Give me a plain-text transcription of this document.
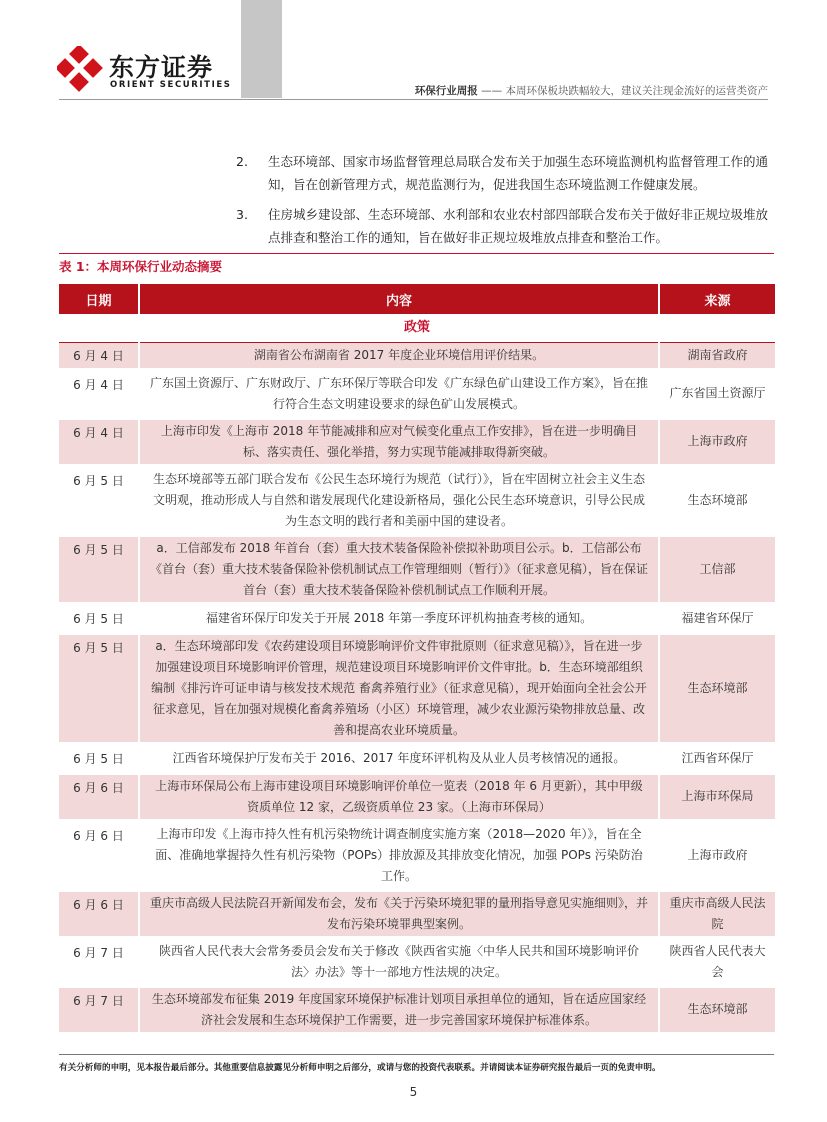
东方证券
ORIENT SECURITIES	环保行业周报 —— 本周环保板块跌幅较大，建议关注现金流好的运营类资产
2. 生态环境部、国家市场监督管理总局联合发布关于加强生态环境监测机构监督管理工作的通知，旨在创新管理方式，规范监测行为，促进我国生态环境监测工作健康发展。
3. 住房城乡建设部、生态环境部、水利部和农业农村部四部联合发布关于做好非正规垃圾堆放点排查和整治工作的通知，旨在做好非正规垃圾堆放点排查和整治工作。
表 1：本周环保行业动态摘要
日期	内容	来源
政策		
6 月 4 日	湖南省公布湖南省 2017 年度企业环境信用评价结果。	湖南省政府
6 月 4 日	广东国土资源厅、广东财政厅、广东环保厅等联合印发《广东绿色矿山建设工作方案》，旨在推行符合生态文明建设要求的绿色矿山发展模式。	广东省国土资源厅
6 月 4 日	上海市印发《上海市 2018 年节能减排和应对气候变化重点工作安排》，旨在进一步明确目标、落实责任、强化举措，努力实现节能减排取得新突破。	上海市政府
6 月 5 日	生态环境部等五部门联合发布《公民生态环境行为规范（试行）》，旨在牢固树立社会主义生态文明观，推动形成人与自然和谐发展现代化建设新格局，强化公民生态环境意识，引导公民成为生态文明的践行者和美丽中国的建设者。	生态环境部
6 月 5 日	a．工信部发布 2018 年首台（套）重大技术装备保险补偿拟补助项目公示。b．工信部公布《首台（套）重大技术装备保险补偿机制试点工作管理细则（暂行）》（征求意见稿），旨在保证首台（套）重大技术装备保险补偿机制试点工作顺利开展。	工信部
6 月 5 日	福建省环保厅印发关于开展 2018 年第一季度环评机构抽查考核的通知。	福建省环保厅
6 月 5 日	a．生态环境部印发《农药建设项目环境影响评价文件审批原则（征求意见稿）》，旨在进一步加强建设项目环境影响评价管理，规范建设项目环境影响评价文件审批。b．生态环境部组织编制《排污许可证申请与核发技术规范 畜禽养殖行业》（征求意见稿），现开始面向全社会公开征求意见，旨在加强对规模化畜禽养殖场（小区）环境管理，减少农业源污染物排放总量、改善和提高农业环境质量。	生态环境部
6 月 5 日	江西省环境保护厅发布关于 2016、2017 年度环评机构及从业人员考核情况的通报。	江西省环保厅
6 月 6 日	上海市环保局公布上海市建设项目环境影响评价单位一览表（2018 年 6 月更新），其中甲级资质单位 12 家，乙级资质单位 23 家。（上海市环保局）	上海市环保局
6 月 6 日	上海市印发《上海市持久性有机污染物统计调查制度实施方案（2018—2020 年）》，旨在全面、准确地掌握持久性有机污染物（POPs）排放源及其排放变化情况，加强 POPs 污染防治工作。	上海市政府
6 月 6 日	重庆市高级人民法院召开新闻发布会，发布《关于污染环境犯罪的量刑指导意见实施细则》，并发布污染环境罪典型案例。	重庆市高级人民法院
6 月 7 日	陕西省人民代表大会常务委员会发布关于修改《陕西省实施〈中华人民共和国环境影响评价法〉办法》等十一部地方性法规的决定。	陕西省人民代表大会
6 月 7 日	生态环境部发布征集 2019 年度国家环境保护标准计划项目承担单位的通知，旨在适应国家经济社会发展和生态环境保护工作需要，进一步完善国家环境保护标准体系。	生态环境部
有关分析师的申明，见本报告最后部分。其他重要信息披露见分析师申明之后部分，或请与您的投资代表联系。并请阅读本证券研究报告最后一页的免责申明。
5
